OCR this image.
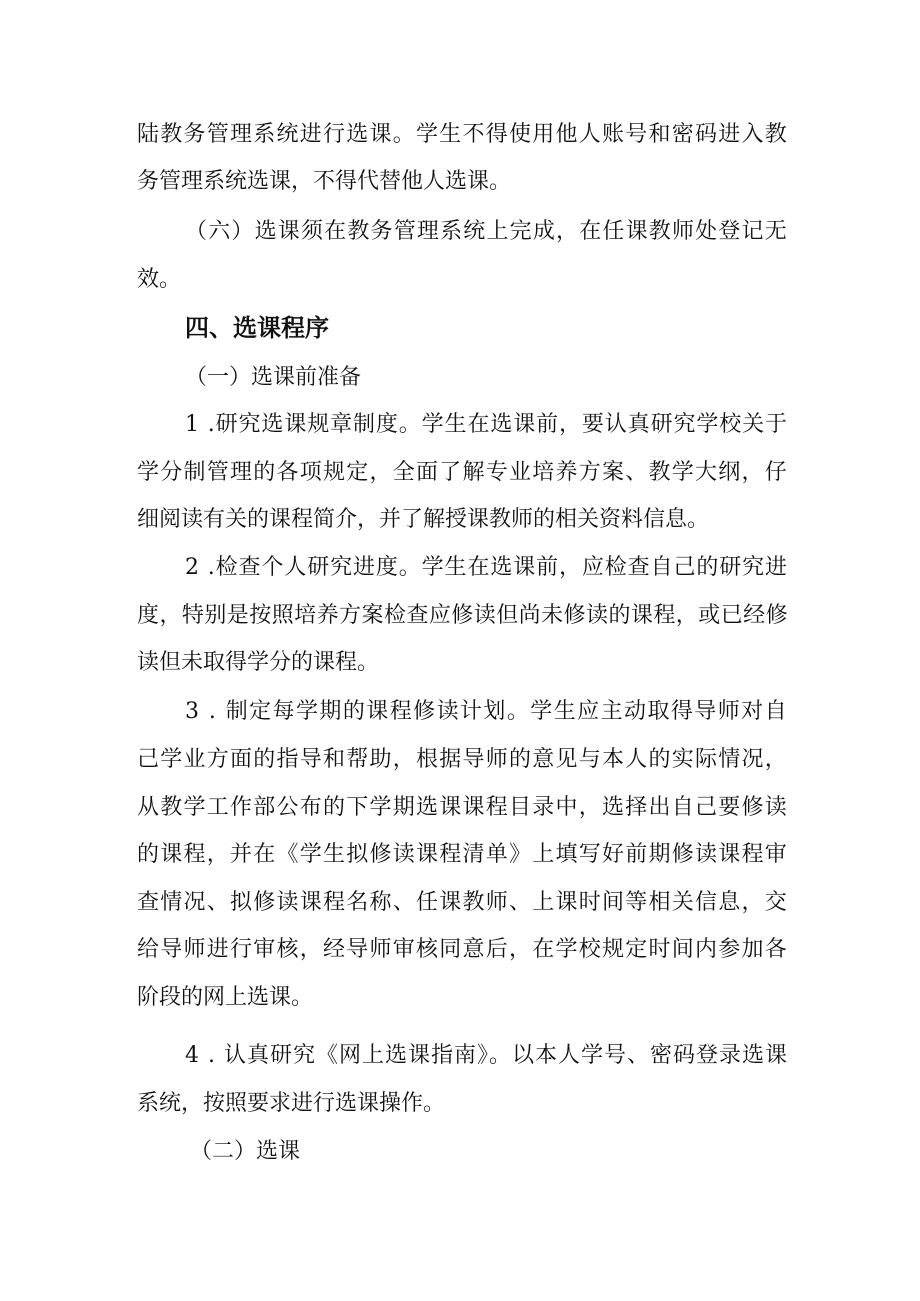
陆教务管理系统进行选课。学生不得使用他人账号和密码进入教
务管理系统选课，不得代替他人选课。
（六）选课须在教务管理系统上完成，在任课教师处登记无
效。
四、选课程序
（一）选课前准备
1 .研究选课规章制度。学生在选课前，要认真研究学校关于
学分制管理的各项规定，全面了解专业培养方案、教学大纲，仔
细阅读有关的课程简介，并了解授课教师的相关资料信息。
2 .检查个人研究进度。学生在选课前，应检查自己的研究进
度，特别是按照培养方案检查应修读但尚未修读的课程，或已经修
读但未取得学分的课程。
3 . 制定每学期的课程修读计划。学生应主动取得导师对自
己学业方面的指导和帮助，根据导师的意见与本人的实际情况，
从教学工作部公布的下学期选课课程目录中，选择出自己要修读
的课程，并在《学生拟修读课程清单》上填写好前期修读课程审
查情况、拟修读课程名称、任课教师、上课时间等相关信息，交
给导师进行审核，经导师审核同意后，在学校规定时间内参加各
阶段的网上选课。
4 . 认真研究《网上选课指南》。以本人学号、密码登录选课
系统，按照要求进行选课操作。
（二）选课
